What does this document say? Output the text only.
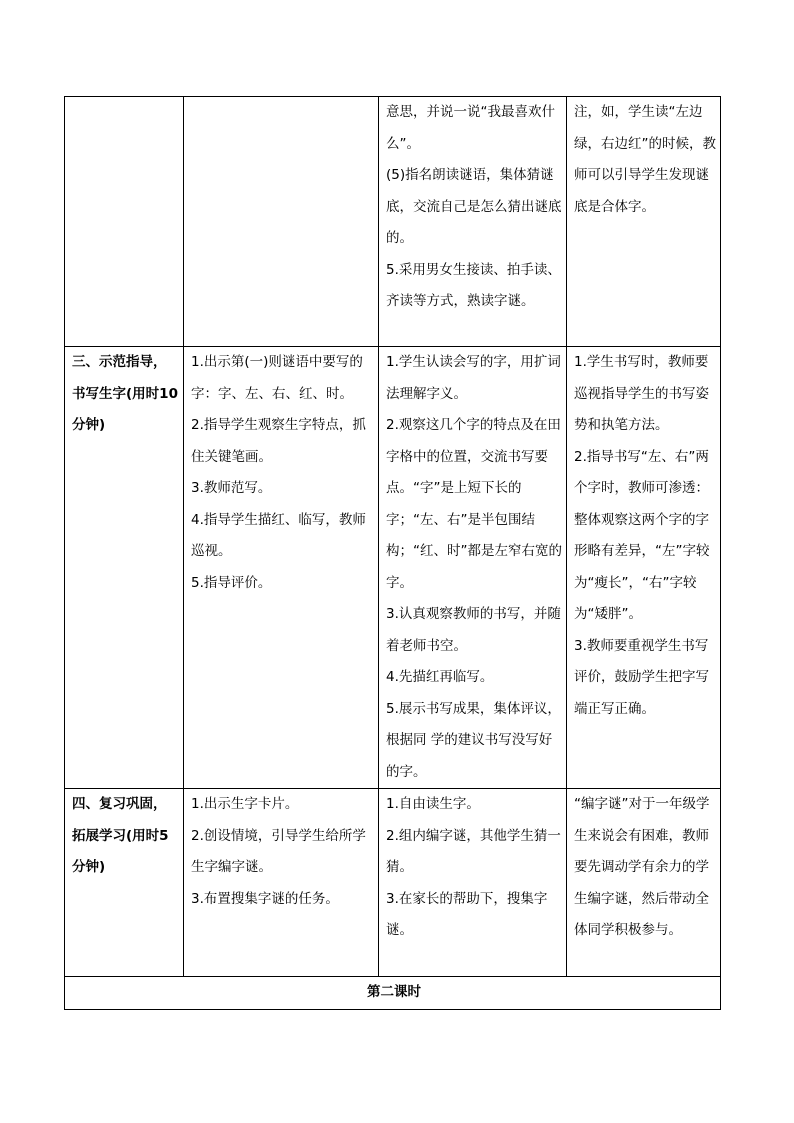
		意思，并说一说“我最喜欢什么”。
(5)指名朗读谜语，集体猜谜底，交流自己是怎么猜出谜底的。
5.采用男女生接读、拍手读、齐读等方式，熟读字谜。	注，如，学生读“左边绿，右边红”的时候，教师可以引导学生发现谜底是合体字。

三、示范指导，书写生字(用时10分钟)	1.出示第(一)则谜语中要写的字：字、左、右、红、时。
2.指导学生观察生字特点，抓住关键笔画。
3.教师范写。
4.指导学生描红、临写，教师巡视。
5.指导评价。	1.学生认读会写的字，用扩词法理解字义。
2.观察这几个字的特点及在田字格中的位置，交流书写要点。“字”是上短下长的字；“左、右”是半包围结构；“红、时”都是左窄右宽的字。
3.认真观察教师的书写，并随着老师书空。
4.先描红再临写。
5.展示书写成果，集体评议，根据同 学的建议书写没写好的字。	1.学生书写时，教师要巡视指导学生的书写姿势和执笔方法。
2.指导书写“左、右”两个字时，教师可渗透：整体观察这两个字的字形略有差异，“左”字较为“瘦长”，“右”字较为“矮胖”。
3.教师要重视学生书写评价，鼓励学生把字写端正写正确。

四、复习巩固，拓展学习(用时5分钟)	1.出示生字卡片。
2.创设情境，引导学生给所学生字编字谜。
3.布置搜集字谜的任务。	1.自由读生字。
2.组内编字谜，其他学生猜一猜。
3.在家长的帮助下，搜集字谜。	“编字谜”对于一年级学生来说会有困难，教师要先调动学有余力的学生编字谜，然后带动全体同学积极参与。

第二课时			
